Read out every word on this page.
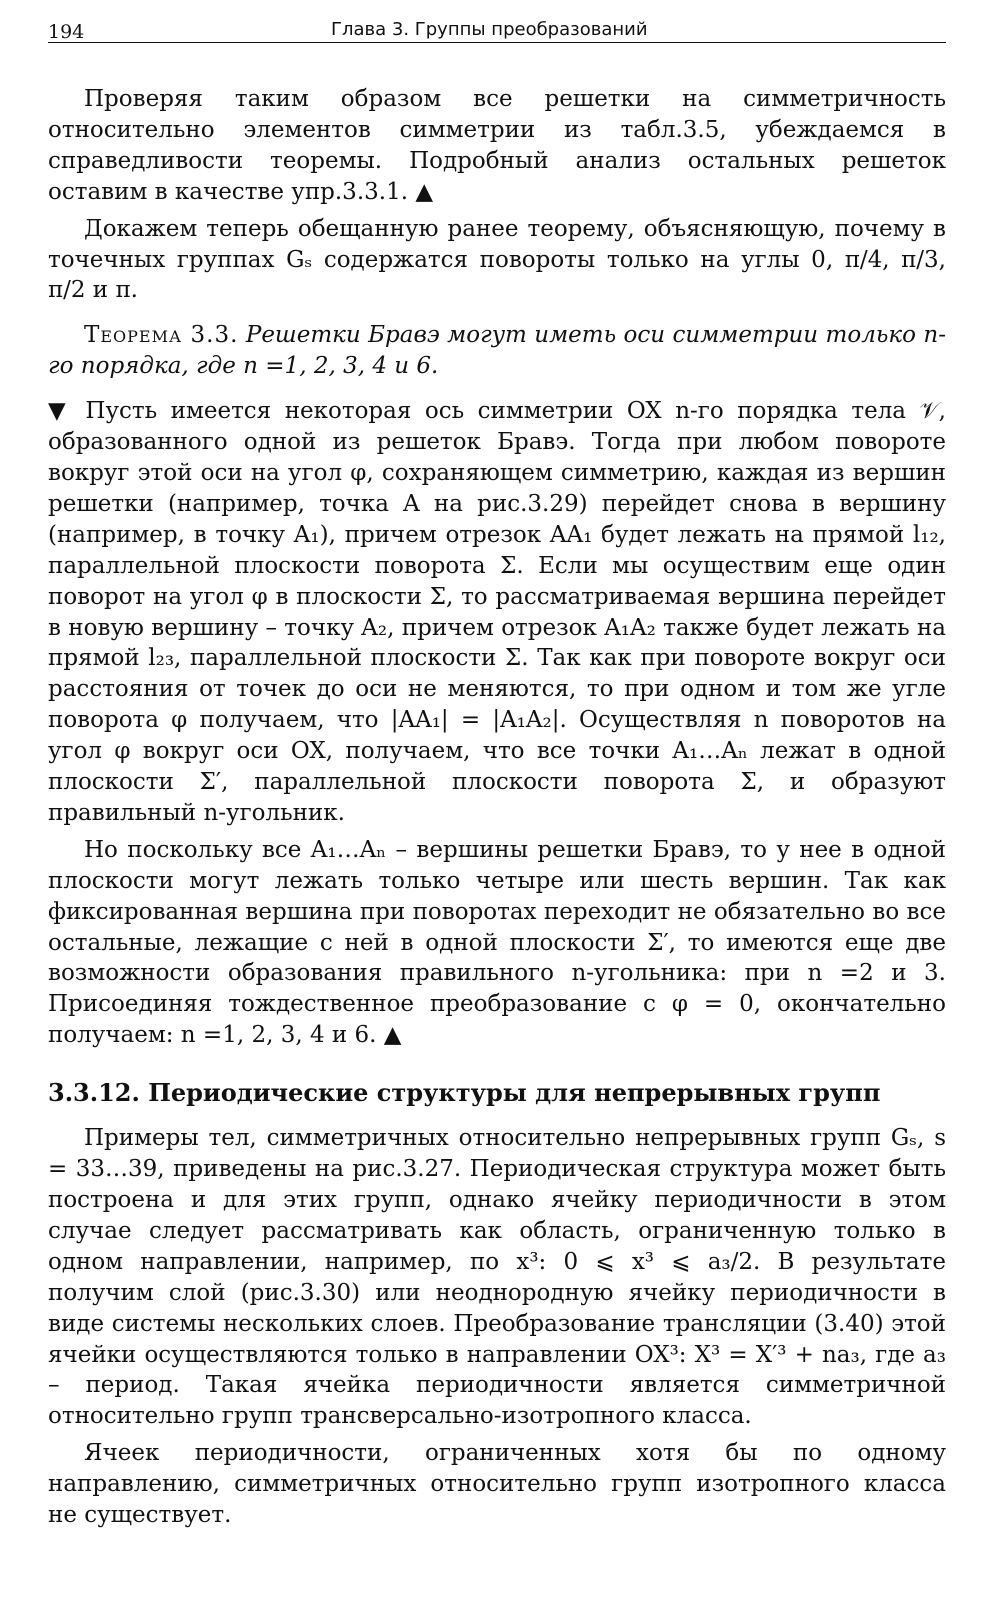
194	Глава 3. Группы преобразований

Проверяя таким образом все решетки на симметричность относительно элементов симметрии из табл.3.5, убеждаемся в справедливости теоремы. Подробный анализ остальных решеток оставим в качестве упр.3.3.1. ▲

Докажем теперь обещанную ранее теорему, объясняющую, почему в точечных группах Gₛ содержатся повороты только на углы 0, π/4, π/3, π/2 и π.

Теорема 3.3. Решетки Бравэ могут иметь оси симметрии только n-го порядка, где n =1, 2, 3, 4 и 6.

▼ Пусть имеется некоторая ось симметрии OX n-го порядка тела 𝒱, образованного одной из решеток Бравэ. Тогда при любом повороте вокруг этой оси на угол φ, сохраняющем симметрию, каждая из вершин решетки (например, точка A на рис.3.29) перейдет снова в вершину (например, в точку A₁), причем отрезок AA₁ будет лежать на прямой l₁₂, параллельной плоскости поворота Σ. Если мы осуществим еще один поворот на угол φ в плоскости Σ, то рассматриваемая вершина перейдет в новую вершину – точку A₂, причем отрезок A₁A₂ также будет лежать на прямой l₂₃, параллельной плоскости Σ. Так как при повороте вокруг оси расстояния от точек до оси не меняются, то при одном и том же угле поворота φ получаем, что |AA₁| = |A₁A₂|. Осуществляя n поворотов на угол φ вокруг оси OX, получаем, что все точки A₁…Aₙ лежат в одной плоскости Σ′, параллельной плоскости поворота Σ, и образуют правильный n-угольник.

Но поскольку все A₁…Aₙ – вершины решетки Бравэ, то у нее в одной плоскости могут лежать только четыре или шесть вершин. Так как фиксированная вершина при поворотах переходит не обязательно во все остальные, лежащие с ней в одной плоскости Σ′, то имеются еще две возможности образования правильного n-угольника: при n =2 и 3. Присоединяя тождественное преобразование с φ = 0, окончательно получаем: n =1, 2, 3, 4 и 6. ▲

3.3.12. Периодические структуры для непрерывных групп

Примеры тел, симметричных относительно непрерывных групп Gₛ, s = 33…39, приведены на рис.3.27. Периодическая структура может быть построена и для этих групп, однако ячейку периодичности в этом случае следует рассматривать как область, ограниченную только в одном направлении, например, по x³: 0 ⩽ x³ ⩽ a₃/2. В результате получим слой (рис.3.30) или неоднородную ячейку периодичности в виде системы нескольких слоев. Преобразование трансляции (3.40) этой ячейки осуществляются только в направлении OX³: X³ = X′³ + na₃, где a₃ – период. Такая ячейка периодичности является симметричной относительно групп трансверсально-изотропного класса.

Ячеек периодичности, ограниченных хотя бы по одному направлению, симметричных относительно групп изотропного класса не существует.
